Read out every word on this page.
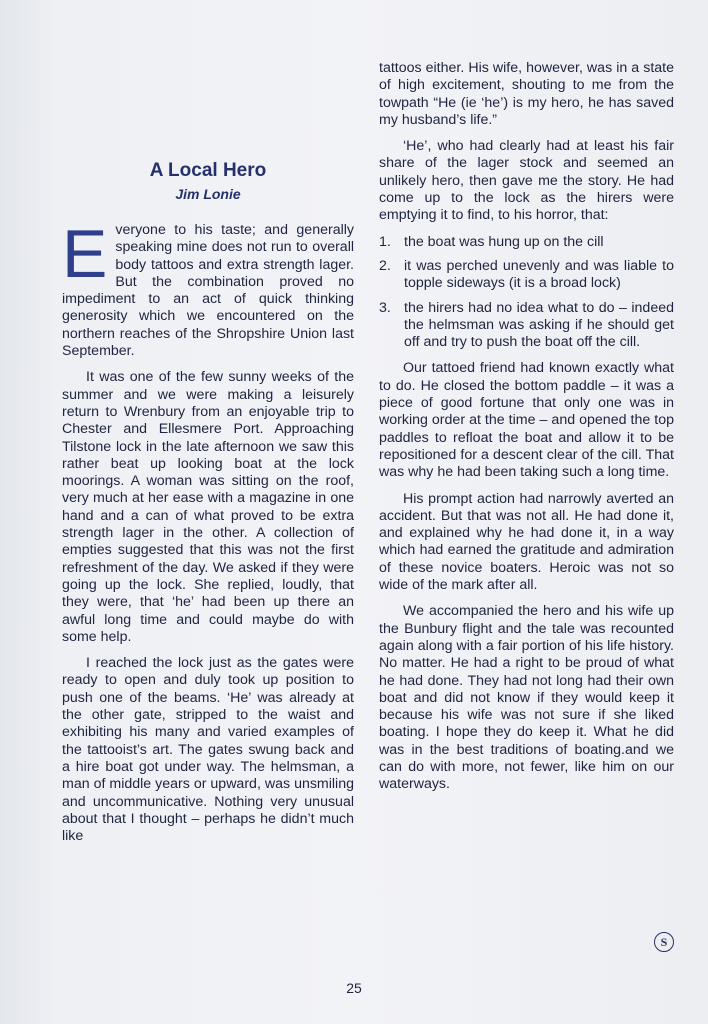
A Local Hero
Jim Lonie

Everyone to his taste; and generally speaking mine does not run to overall body tattoos and extra strength lager. But the combination proved no impediment to an act of quick thinking generosity which we encountered on the northern reaches of the Shropshire Union last September.

It was one of the few sunny weeks of the summer and we were making a leisurely return to Wrenbury from an enjoyable trip to Chester and Ellesmere Port. Approaching Tilstone lock in the late afternoon we saw this rather beat up looking boat at the lock moorings. A woman was sitting on the roof, very much at her ease with a magazine in one hand and a can of what proved to be extra strength lager in the other. A collection of empties suggested that this was not the first refreshment of the day. We asked if they were going up the lock. She replied, loudly, that they were, that ‘he’ had been up there an awful long time and could maybe do with some help.

I reached the lock just as the gates were ready to open and duly took up position to push one of the beams. ‘He’ was already at the other gate, stripped to the waist and exhibiting his many and varied examples of the tattooist’s art. The gates swung back and a hire boat got under way. The helmsman, a man of middle years or upward, was unsmiling and uncommunicative. Nothing very unusual about that I thought – perhaps he didn’t much like

tattoos either. His wife, however, was in a state of high excitement, shouting to me from the towpath “He (ie ‘he’) is my hero, he has saved my husband’s life.”

‘He’, who had clearly had at least his fair share of the lager stock and seemed an unlikely hero, then gave me the story. He had come up to the lock as the hirers were emptying it to find, to his horror, that:

1. the boat was hung up on the cill
2. it was perched unevenly and was liable to topple sideways (it is a broad lock)
3. the hirers had no idea what to do – indeed the helmsman was asking if he should get off and try to push the boat off the cill.

Our tattoed friend had known exactly what to do. He closed the bottom paddle – it was a piece of good fortune that only one was in working order at the time – and opened the top paddles to refloat the boat and allow it to be repositioned for a descent clear of the cill. That was why he had been taking such a long time.

His prompt action had narrowly averted an accident. But that was not all. He had done it, and explained why he had done it, in a way which had earned the gratitude and admiration of these novice boaters. Heroic was not so wide of the mark after all.

We accompanied the hero and his wife up the Bunbury flight and the tale was recounted again along with a fair portion of his life history. No matter. He had a right to be proud of what he had done. They had not long had their own boat and did not know if they would keep it because his wife was not sure if she liked boating. I hope they do keep it. What he did was in the best traditions of boating.and we can do with more, not fewer, like him on our waterways.

S
25
